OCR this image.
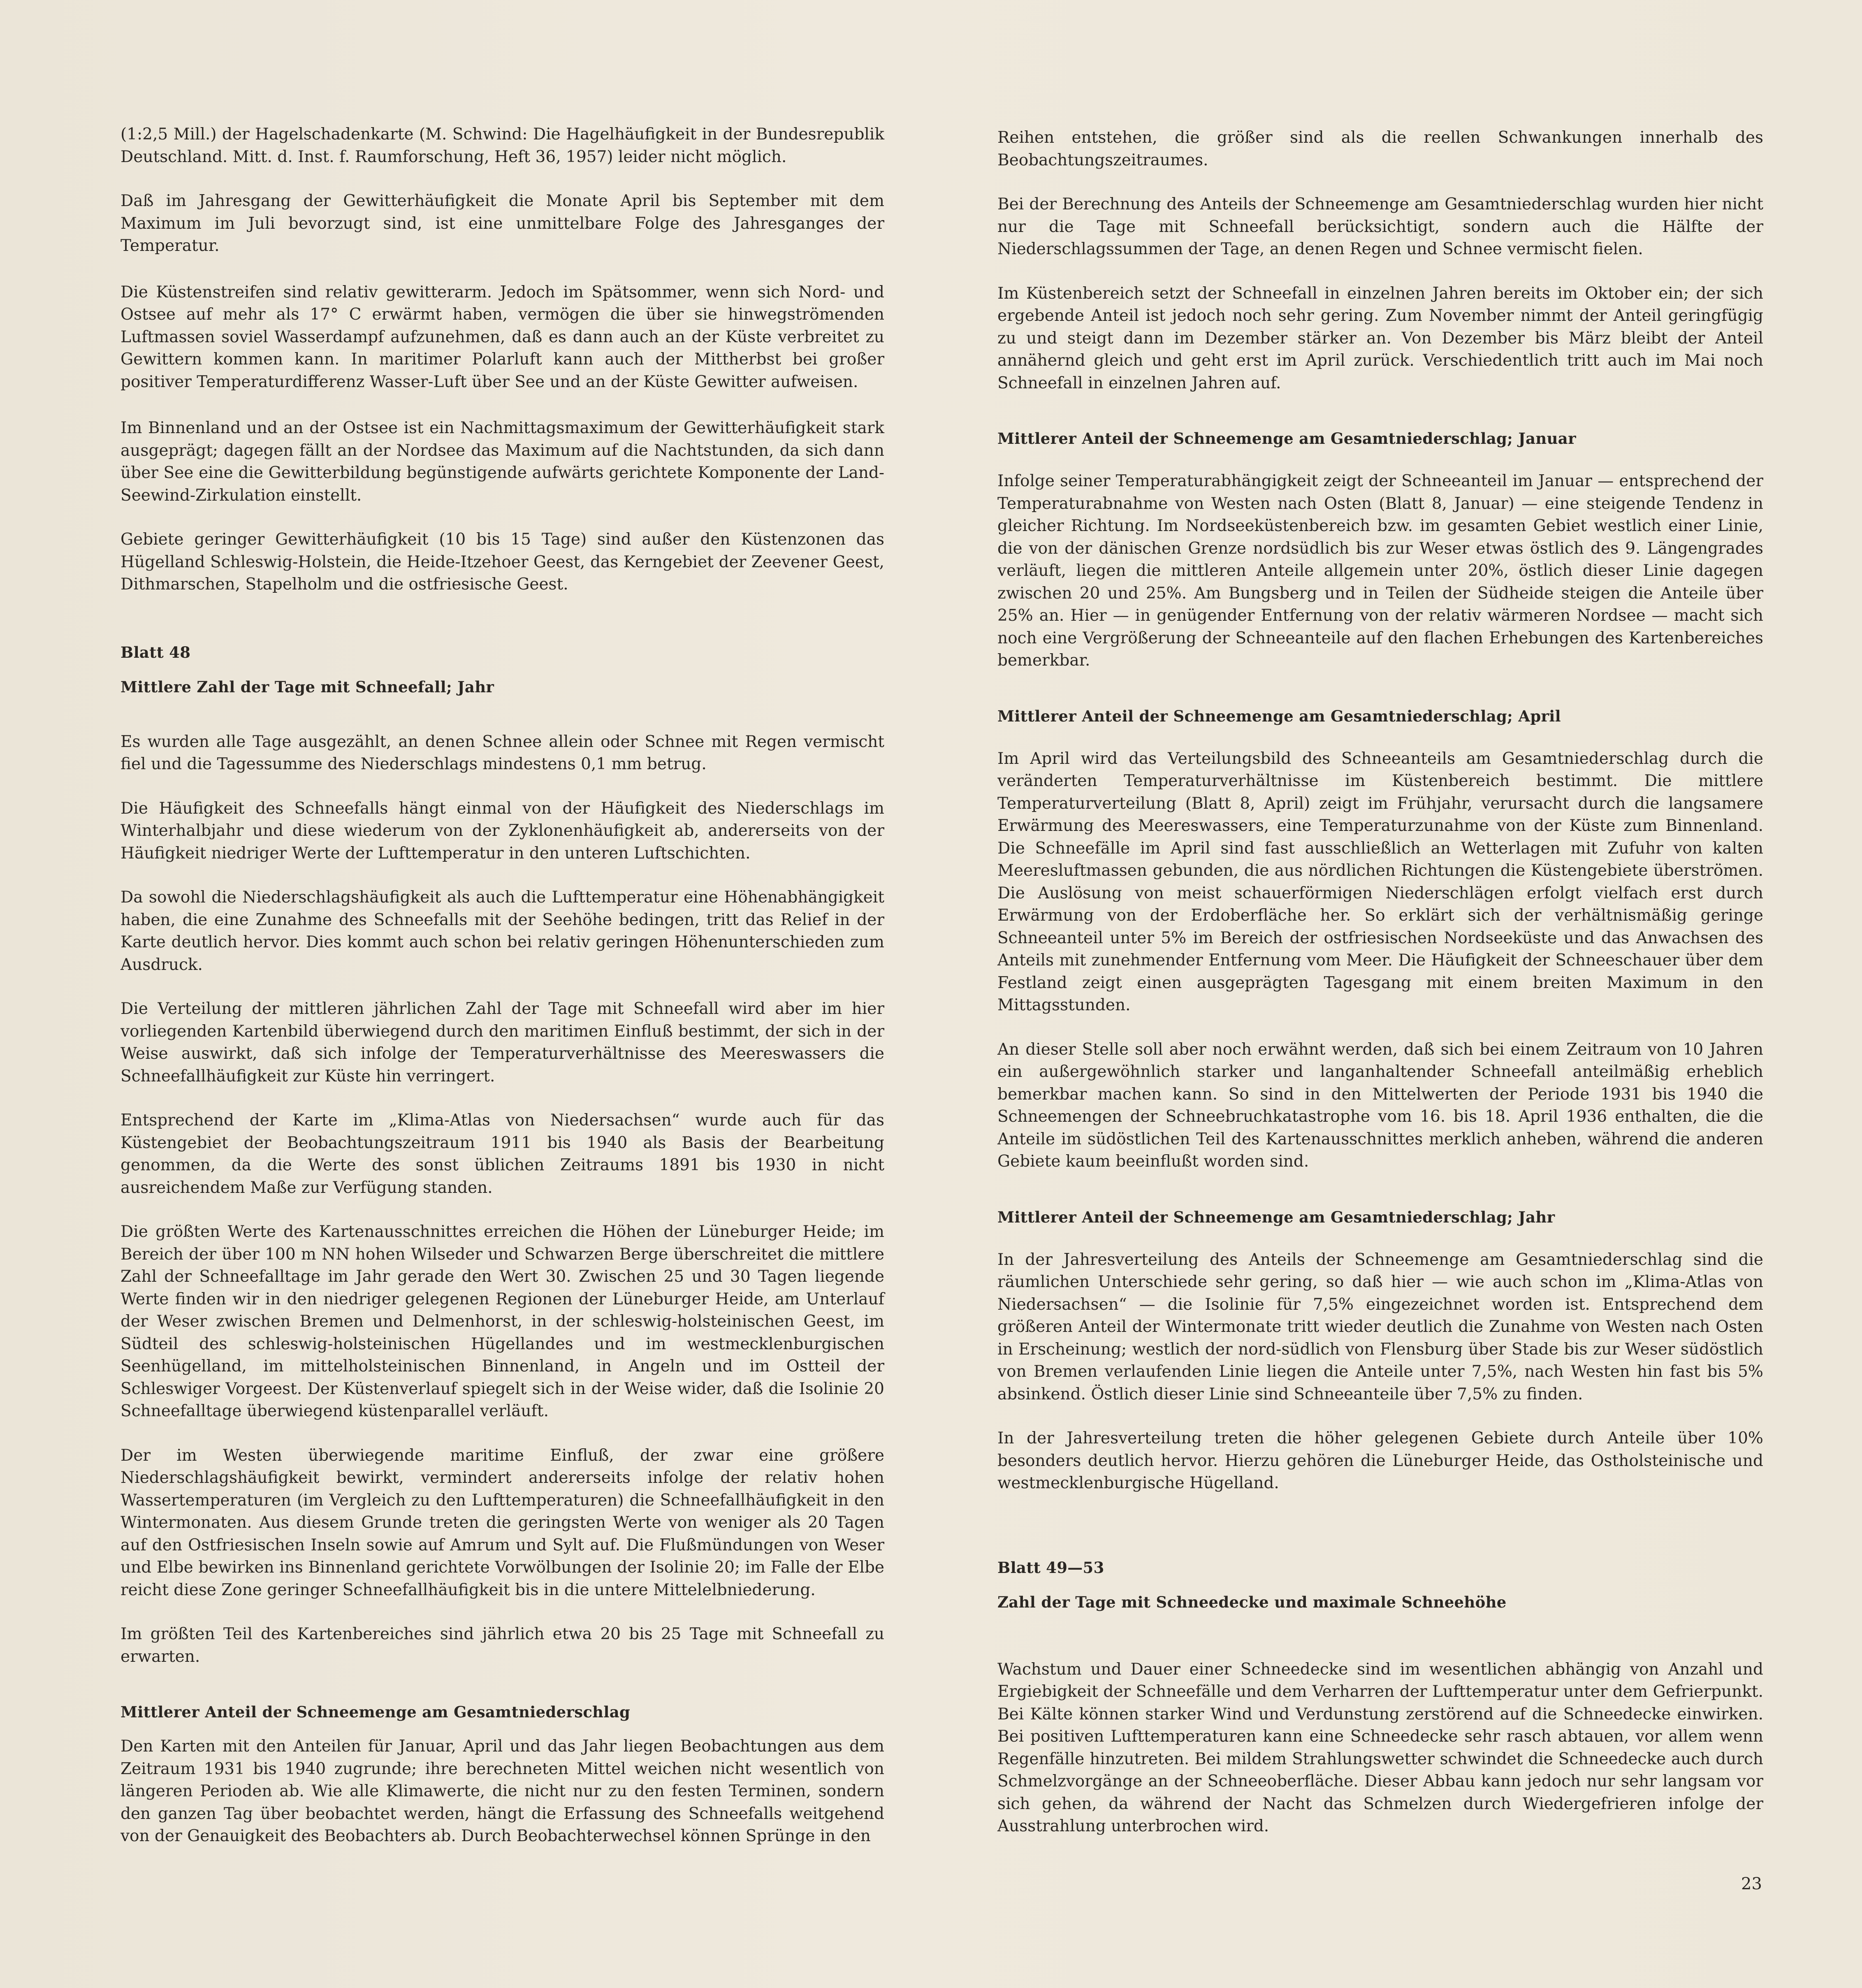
(1:2,5 Mill.) der Hagelschadenkarte (M. Schwind: Die Hagelhäufigkeit in der Bundesrepublik Deutschland. Mitt. d. Inst. f. Raumforschung, Heft 36, 1957) leider nicht möglich.

Daß im Jahresgang der Gewitterhäufigkeit die Monate April bis September mit dem Maximum im Juli bevorzugt sind, ist eine unmittelbare Folge des Jahresganges der Temperatur.

Die Küstenstreifen sind relativ gewitterarm. Jedoch im Spätsommer, wenn sich Nord- und Ostsee auf mehr als 17° C erwärmt haben, vermögen die über sie hinwegströmenden Luftmassen soviel Wasserdampf aufzunehmen, daß es dann auch an der Küste verbreitet zu Gewittern kommen kann. In maritimer Polarluft kann auch der Mittherbst bei großer positiver Temperaturdifferenz Wasser-Luft über See und an der Küste Gewitter aufweisen.

Im Binnenland und an der Ostsee ist ein Nachmittagsmaximum der Gewitterhäufigkeit stark ausgeprägt; dagegen fällt an der Nordsee das Maximum auf die Nachtstunden, da sich dann über See eine die Gewitterbildung begünstigende aufwärts gerichtete Komponente der Land-Seewind-Zirkulation einstellt.

Gebiete geringer Gewitterhäufigkeit (10 bis 15 Tage) sind außer den Küstenzonen das Hügelland Schleswig-Holstein, die Heide-Itzehoer Geest, das Kerngebiet der Zeevener Geest, Dithmarschen, Stapelholm und die ostfriesische Geest.

Blatt 48
Mittlere Zahl der Tage mit Schneefall; Jahr

Es wurden alle Tage ausgezählt, an denen Schnee allein oder Schnee mit Regen vermischt fiel und die Tagessumme des Niederschlags mindestens 0,1 mm betrug.

Die Häufigkeit des Schneefalls hängt einmal von der Häufigkeit des Niederschlags im Winterhalbjahr und diese wiederum von der Zyklonenhäufigkeit ab, andererseits von der Häufigkeit niedriger Werte der Lufttemperatur in den unteren Luftschichten.

Da sowohl die Niederschlagshäufigkeit als auch die Lufttemperatur eine Höhenabhängigkeit haben, die eine Zunahme des Schneefalls mit der Seehöhe bedingen, tritt das Relief in der Karte deutlich hervor. Dies kommt auch schon bei relativ geringen Höhenunterschieden zum Ausdruck.

Die Verteilung der mittleren jährlichen Zahl der Tage mit Schneefall wird aber im hier vorliegenden Kartenbild überwiegend durch den maritimen Einfluß bestimmt, der sich in der Weise auswirkt, daß sich infolge der Temperaturverhältnisse des Meereswassers die Schneefallhäufigkeit zur Küste hin verringert.

Entsprechend der Karte im „Klima-Atlas von Niedersachsen“ wurde auch für das Küstengebiet der Beobachtungszeitraum 1911 bis 1940 als Basis der Bearbeitung genommen, da die Werte des sonst üblichen Zeitraums 1891 bis 1930 in nicht ausreichendem Maße zur Verfügung standen.

Die größten Werte des Kartenausschnittes erreichen die Höhen der Lüneburger Heide; im Bereich der über 100 m NN hohen Wilseder und Schwarzen Berge überschreitet die mittlere Zahl der Schneefalltage im Jahr gerade den Wert 30. Zwischen 25 und 30 Tagen liegende Werte finden wir in den niedriger gelegenen Regionen der Lüneburger Heide, am Unterlauf der Weser zwischen Bremen und Delmenhorst, in der schleswig-holsteinischen Geest, im Südteil des schleswig-holsteinischen Hügellandes und im westmecklenburgischen Seenhügelland, im mittelholsteinischen Binnenland, in Angeln und im Ostteil der Schleswiger Vorgeest. Der Küstenverlauf spiegelt sich in der Weise wider, daß die Isolinie 20 Schneefalltage überwiegend küstenparallel verläuft.

Der im Westen überwiegende maritime Einfluß, der zwar eine größere Niederschlagshäufigkeit bewirkt, vermindert andererseits infolge der relativ hohen Wassertemperaturen (im Vergleich zu den Lufttemperaturen) die Schneefallhäufigkeit in den Wintermonaten. Aus diesem Grunde treten die geringsten Werte von weniger als 20 Tagen auf den Ostfriesischen Inseln sowie auf Amrum und Sylt auf. Die Flußmündungen von Weser und Elbe bewirken ins Binnenland gerichtete Vorwölbungen der Isolinie 20; im Falle der Elbe reicht diese Zone geringer Schneefallhäufigkeit bis in die untere Mittelelbniederung.

Im größten Teil des Kartenbereiches sind jährlich etwa 20 bis 25 Tage mit Schneefall zu erwarten.

Mittlerer Anteil der Schneemenge am Gesamtniederschlag

Den Karten mit den Anteilen für Januar, April und das Jahr liegen Beobachtungen aus dem Zeitraum 1931 bis 1940 zugrunde; ihre berechneten Mittel weichen nicht wesentlich von längeren Perioden ab. Wie alle Klimawerte, die nicht nur zu den festen Terminen, sondern den ganzen Tag über beobachtet werden, hängt die Erfassung des Schneefalls weitgehend von der Genauigkeit des Beobachters ab. Durch Beobachterwechsel können Sprünge in den

Reihen entstehen, die größer sind als die reellen Schwankungen innerhalb des Beobachtungszeitraumes.

Bei der Berechnung des Anteils der Schneemenge am Gesamtniederschlag wurden hier nicht nur die Tage mit Schneefall berücksichtigt, sondern auch die Hälfte der Niederschlagssummen der Tage, an denen Regen und Schnee vermischt fielen.

Im Küstenbereich setzt der Schneefall in einzelnen Jahren bereits im Oktober ein; der sich ergebende Anteil ist jedoch noch sehr gering. Zum November nimmt der Anteil geringfügig zu und steigt dann im Dezember stärker an. Von Dezember bis März bleibt der Anteil annähernd gleich und geht erst im April zurück. Verschiedentlich tritt auch im Mai noch Schneefall in einzelnen Jahren auf.

Mittlerer Anteil der Schneemenge am Gesamtniederschlag; Januar

Infolge seiner Temperaturabhängigkeit zeigt der Schneeanteil im Januar — entsprechend der Temperaturabnahme von Westen nach Osten (Blatt 8, Januar) — eine steigende Tendenz in gleicher Richtung. Im Nordseeküstenbereich bzw. im gesamten Gebiet westlich einer Linie, die von der dänischen Grenze nordsüdlich bis zur Weser etwas östlich des 9. Längengrades verläuft, liegen die mittleren Anteile allgemein unter 20%, östlich dieser Linie dagegen zwischen 20 und 25%. Am Bungsberg und in Teilen der Südheide steigen die Anteile über 25% an. Hier — in genügender Entfernung von der relativ wärmeren Nordsee — macht sich noch eine Vergrößerung der Schneeanteile auf den flachen Erhebungen des Kartenbereiches bemerkbar.

Mittlerer Anteil der Schneemenge am Gesamtniederschlag; April

Im April wird das Verteilungsbild des Schneeanteils am Gesamtniederschlag durch die veränderten Temperaturverhältnisse im Küstenbereich bestimmt. Die mittlere Temperaturverteilung (Blatt 8, April) zeigt im Frühjahr, verursacht durch die langsamere Erwärmung des Meereswassers, eine Temperaturzunahme von der Küste zum Binnenland. Die Schneefälle im April sind fast ausschließlich an Wetterlagen mit Zufuhr von kalten Meeresluftmassen gebunden, die aus nördlichen Richtungen die Küstengebiete überströmen. Die Auslösung von meist schauerförmigen Niederschlägen erfolgt vielfach erst durch Erwärmung von der Erdoberfläche her. So erklärt sich der verhältnismäßig geringe Schneeanteil unter 5% im Bereich der ostfriesischen Nordseeküste und das Anwachsen des Anteils mit zunehmender Entfernung vom Meer. Die Häufigkeit der Schneeschauer über dem Festland zeigt einen ausgeprägten Tagesgang mit einem breiten Maximum in den Mittagsstunden.

An dieser Stelle soll aber noch erwähnt werden, daß sich bei einem Zeitraum von 10 Jahren ein außergewöhnlich starker und langanhaltender Schneefall anteilmäßig erheblich bemerkbar machen kann. So sind in den Mittelwerten der Periode 1931 bis 1940 die Schneemengen der Schneebruchkatastrophe vom 16. bis 18. April 1936 enthalten, die die Anteile im südöstlichen Teil des Kartenausschnittes merklich anheben, während die anderen Gebiete kaum beeinflußt worden sind.

Mittlerer Anteil der Schneemenge am Gesamtniederschlag; Jahr

In der Jahresverteilung des Anteils der Schneemenge am Gesamtniederschlag sind die räumlichen Unterschiede sehr gering, so daß hier — wie auch schon im „Klima-Atlas von Niedersachsen“ — die Isolinie für 7,5% eingezeichnet worden ist. Entsprechend dem größeren Anteil der Wintermonate tritt wieder deutlich die Zunahme von Westen nach Osten in Erscheinung; westlich der nord-südlich von Flensburg über Stade bis zur Weser südöstlich von Bremen verlaufenden Linie liegen die Anteile unter 7,5%, nach Westen hin fast bis 5% absinkend. Östlich dieser Linie sind Schneeanteile über 7,5% zu finden.

In der Jahresverteilung treten die höher gelegenen Gebiete durch Anteile über 10% besonders deutlich hervor. Hierzu gehören die Lüneburger Heide, das Ostholsteinische und westmecklenburgische Hügelland.

Blatt 49—53
Zahl der Tage mit Schneedecke und maximale Schneehöhe

Wachstum und Dauer einer Schneedecke sind im wesentlichen abhängig von Anzahl und Ergiebigkeit der Schneefälle und dem Verharren der Lufttemperatur unter dem Gefrierpunkt. Bei Kälte können starker Wind und Verdunstung zerstörend auf die Schneedecke einwirken. Bei positiven Lufttemperaturen kann eine Schneedecke sehr rasch abtauen, vor allem wenn Regenfälle hinzutreten. Bei mildem Strahlungswetter schwindet die Schneedecke auch durch Schmelzvorgänge an der Schneeoberfläche. Dieser Abbau kann jedoch nur sehr langsam vor sich gehen, da während der Nacht das Schmelzen durch Wiedergefrieren infolge der Ausstrahlung unterbrochen wird.

23
